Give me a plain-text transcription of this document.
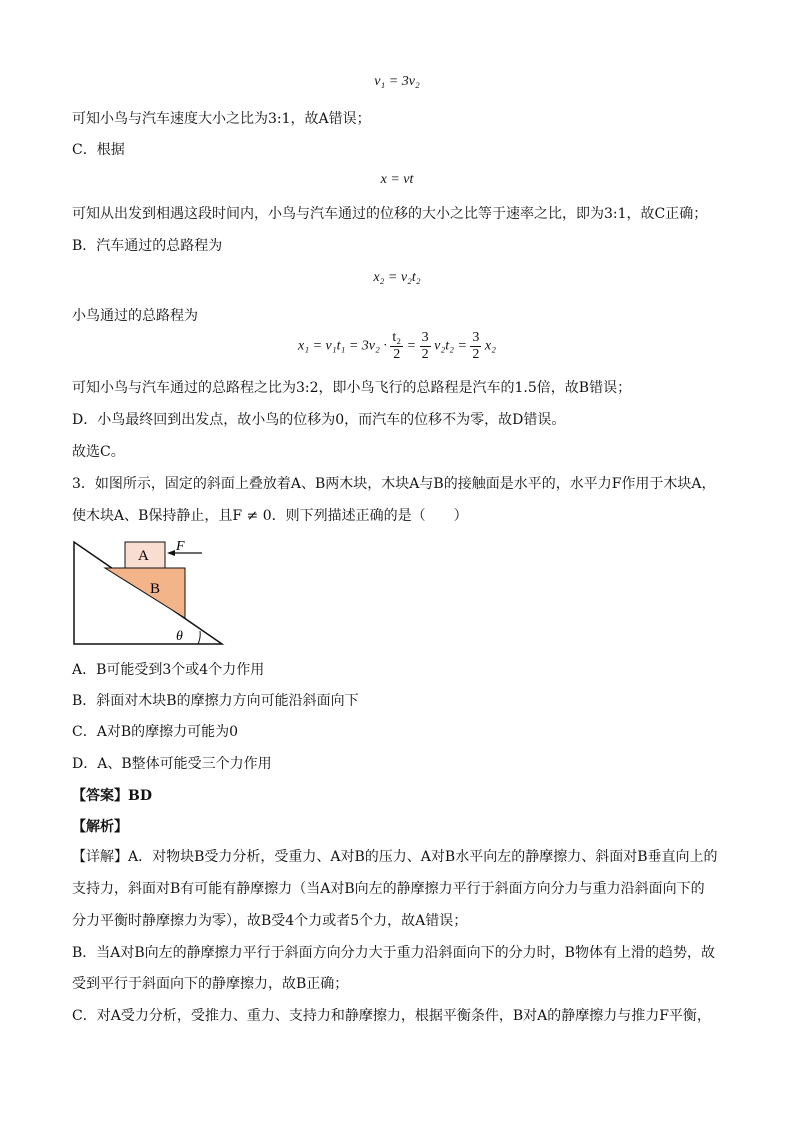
v₁ = 3v₂
可知小鸟与汽车速度大小之比为3:1，故A错误；
C．根据
x = vt
可知从出发到相遇这段时间内，小鸟与汽车通过的位移的大小之比等于速率之比，即为3:1，故C正确；
B．汽车通过的总路程为
x₂ = v₂t₂
小鸟通过的总路程为
$x_1 = v_1t_1 = 3v_2 \cdot \frac{\text{t₂}}{2} = \frac{3}{2} v_2t_2 = \frac{3}{2} x_2$
可知小鸟与汽车通过的总路程之比为3:2，即小鸟飞行的总路程是汽车的1.5倍，故B错误；
D．小鸟最终回到出发点，故小鸟的位移为0，而汽车的位移不为零，故D错误。
故选C。
3．如图所示，固定的斜面上叠放着A、B两木块，木块A与B的接触面是水平的，水平力F作用于木块A，
使木块A、B保持静止，且F ≠ 0．则下列描述正确的是（　　）
A
B
F
θ
A．B可能受到3个或4个力作用
B．斜面对木块B的摩擦力方向可能沿斜面向下
C．A对B的摩擦力可能为0
D．A、B整体可能受三个力作用
【答案】BD
【解析】
【详解】A．对物块B受力分析，受重力、A对B的压力、A对B水平向左的静摩擦力、斜面对B垂直向上的
支持力，斜面对B有可能有静摩擦力（当A对B向左的静摩擦力平行于斜面方向分力与重力沿斜面向下的
分力平衡时静摩擦力为零），故B受4个力或者5个力，故A错误；
B．当A对B向左的静摩擦力平行于斜面方向分力大于重力沿斜面向下的分力时，B物体有上滑的趋势，故
受到平行于斜面向下的静摩擦力，故B正确；
C．对A受力分析，受推力、重力、支持力和静摩擦力，根据平衡条件，B对A的静摩擦力与推力F平衡，
